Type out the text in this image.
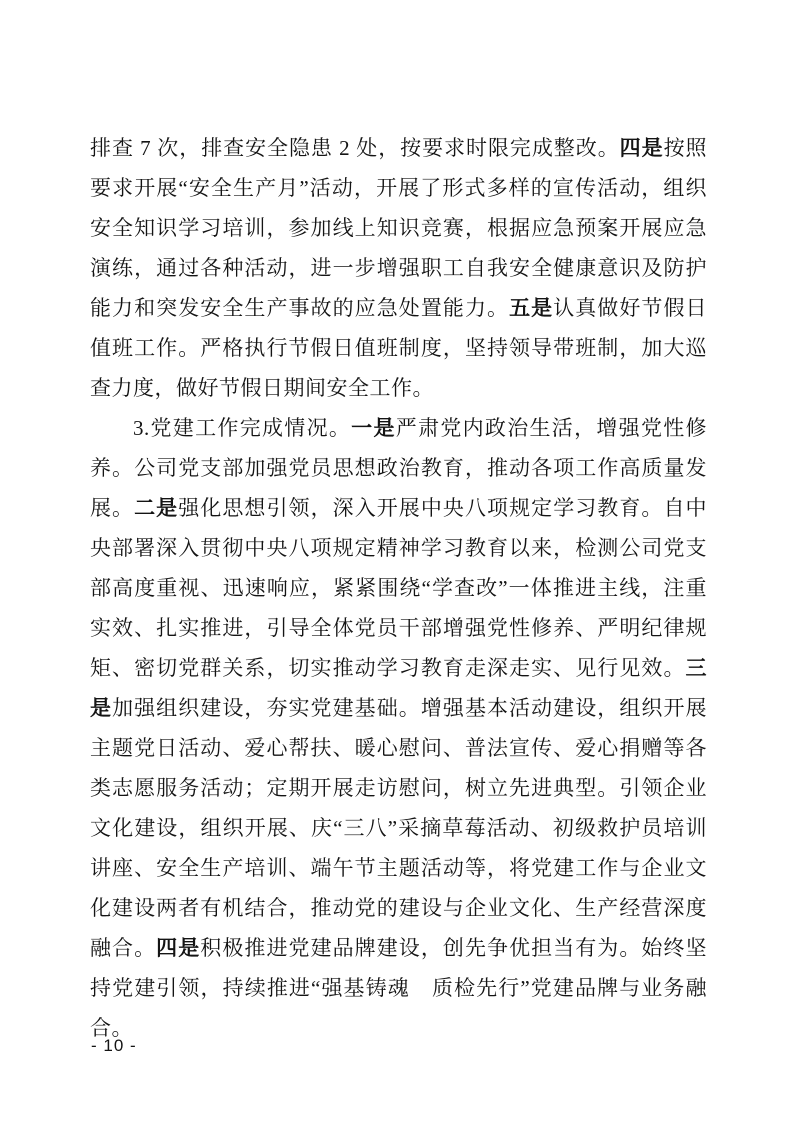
排查 7 次，排查安全隐患 2 处，按要求时限完成整改。四是按照要求开展“安全生产月”活动，开展了形式多样的宣传活动，组织安全知识学习培训，参加线上知识竞赛，根据应急预案开展应急演练，通过各种活动，进一步增强职工自我安全健康意识及防护能力和突发安全生产事故的应急处置能力。五是认真做好节假日值班工作。严格执行节假日值班制度，坚持领导带班制，加大巡查力度，做好节假日期间安全工作。

3.党建工作完成情况。一是严肃党内政治生活，增强党性修养。公司党支部加强党员思想政治教育，推动各项工作高质量发展。二是强化思想引领，深入开展中央八项规定学习教育。自中央部署深入贯彻中央八项规定精神学习教育以来，检测公司党支部高度重视、迅速响应，紧紧围绕“学查改”一体推进主线，注重实效、扎实推进，引导全体党员干部增强党性修养、严明纪律规矩、密切党群关系，切实推动学习教育走深走实、见行见效。三是加强组织建设，夯实党建基础。增强基本活动建设，组织开展主题党日活动、爱心帮扶、暖心慰问、普法宣传、爱心捐赠等各类志愿服务活动；定期开展走访慰问，树立先进典型。引领企业文化建设，组织开展、庆“三八”采摘草莓活动、初级救护员培训讲座、安全生产培训、端午节主题活动等，将党建工作与企业文化建设两者有机结合，推动党的建设与企业文化、生产经营深度融合。四是积极推进党建品牌建设，创先争优担当有为。始终坚持党建引领，持续推进“强基铸魂　质检先行”党建品牌与业务融合。

- 10 -
